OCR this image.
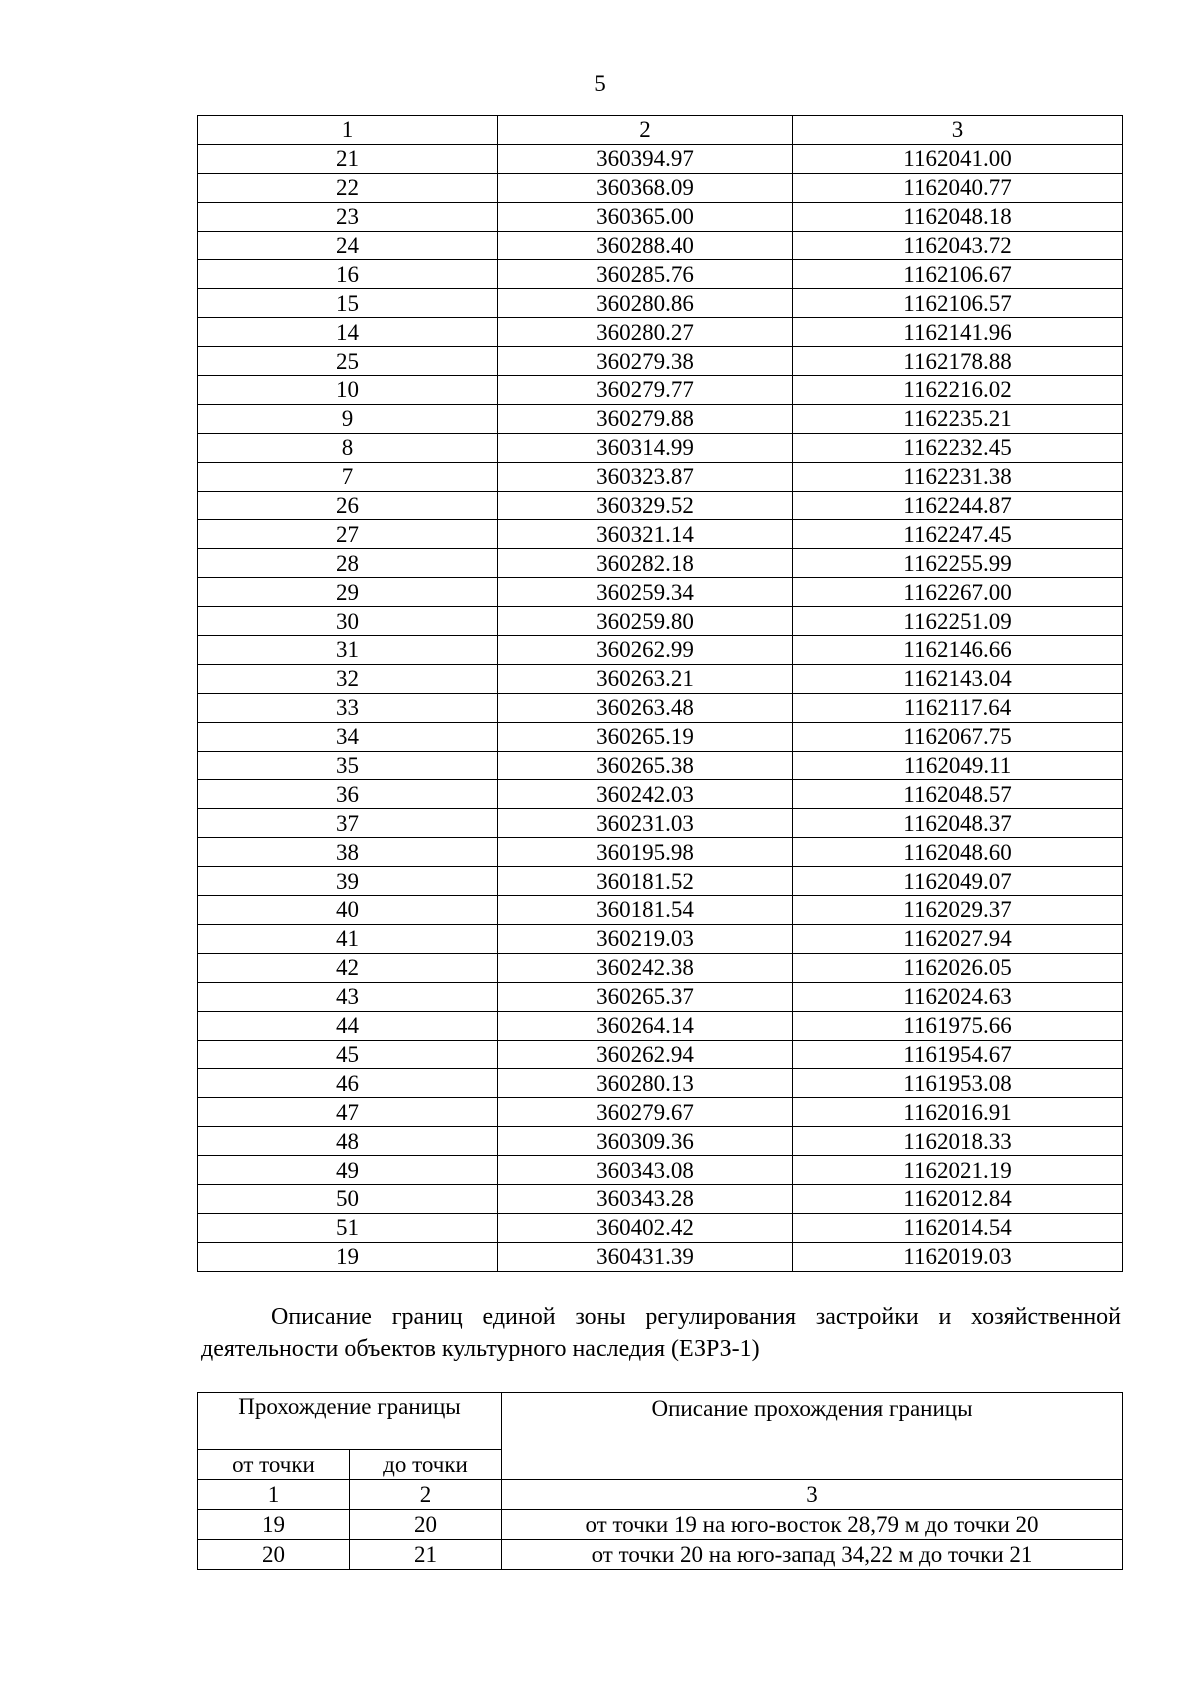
5
1	2	3
21	360394.97	1162041.00
22	360368.09	1162040.77
23	360365.00	1162048.18
24	360288.40	1162043.72
16	360285.76	1162106.67
15	360280.86	1162106.57
14	360280.27	1162141.96
25	360279.38	1162178.88
10	360279.77	1162216.02
9	360279.88	1162235.21
8	360314.99	1162232.45
7	360323.87	1162231.38
26	360329.52	1162244.87
27	360321.14	1162247.45
28	360282.18	1162255.99
29	360259.34	1162267.00
30	360259.80	1162251.09
31	360262.99	1162146.66
32	360263.21	1162143.04
33	360263.48	1162117.64
34	360265.19	1162067.75
35	360265.38	1162049.11
36	360242.03	1162048.57
37	360231.03	1162048.37
38	360195.98	1162048.60
39	360181.52	1162049.07
40	360181.54	1162029.37
41	360219.03	1162027.94
42	360242.38	1162026.05
43	360265.37	1162024.63
44	360264.14	1161975.66
45	360262.94	1161954.67
46	360280.13	1161953.08
47	360279.67	1162016.91
48	360309.36	1162018.33
49	360343.08	1162021.19
50	360343.28	1162012.84
51	360402.42	1162014.54
19	360431.39	1162019.03

Описание границ единой зоны регулирования застройки и хозяйственной деятельности объектов культурного наследия (ЕЗРЗ-1)

Прохождение границы		Описание прохождения границы
от точки	до точки	
1	2	3
19	20	от точки 19 на юго-восток 28,79 м до точки 20
20	21	от точки 20 на юго-запад 34,22 м до точки 21
